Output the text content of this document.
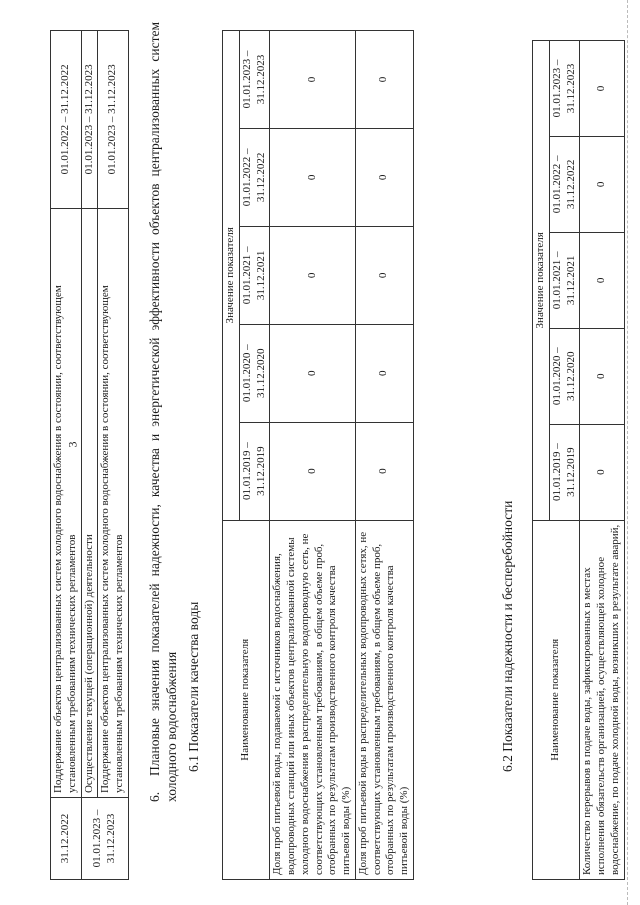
3
31.12.2022	Поддержание объектов централизованных систем холодного водоснабжения в состоянии, соответствующем установленным требованиям технических регламентов	01.01.2022 – 31.12.2022
01.01.2023 – 31.12.2023	Осуществление текущей (операционной) деятельности	01.01.2023 – 31.12.2023
	Поддержание объектов централизованных систем холодного водоснабжения в состоянии, соответствующем установленным требованиям технических регламентов	01.01.2023 – 31.12.2023
6.Плановые значения показателей надежности, качества и энергетической эффективности объектов централизованных систем холодного водоснабжения 6.1 Показатели качества воды	Наименование показателя	Значение показателя				
	01.01.2019 – 31.12.2019	01.01.2020 – 31.12.2020	01.01.2021 – 31.12.2021	01.01.2022 – 31.12.2022	01.01.2023 – 31.12.2023
Доля проб питьевой воды, подаваемой с источников водоснабжения, водопроводных станций или иных объектов централизованной системы холодного водоснабжения в распределительную водопроводную сеть, не соответствующих установленным требованиям, в общем объеме проб, отобранных по результатам производственного контроля качества питьевой воды (%)	0	0	0	0	0
Доля проб питьевой воды в распределительных водопроводных сетях, не соответствующих установленным требованиям, в общем объеме проб, отобранных по результатам производственного контроля качества питьевой воды (%)	0	0	0	0	0
6.2 Показатели надежности и бесперебойности	Наименование показателя	Значение показателя				
	01.01.2019 – 31.12.2019	01.01.2020 – 31.12.2020	01.01.2021 – 31.12.2021	01.01.2022 – 31.12.2022	01.01.2023 – 31.12.2023
Количество перерывов в подаче воды, зафиксированных в местах исполнения обязательств организацией, осуществляющей холодное водоснабжение, по подаче холодной воды, возникших в результате аварий,	0	0	0	0	0
